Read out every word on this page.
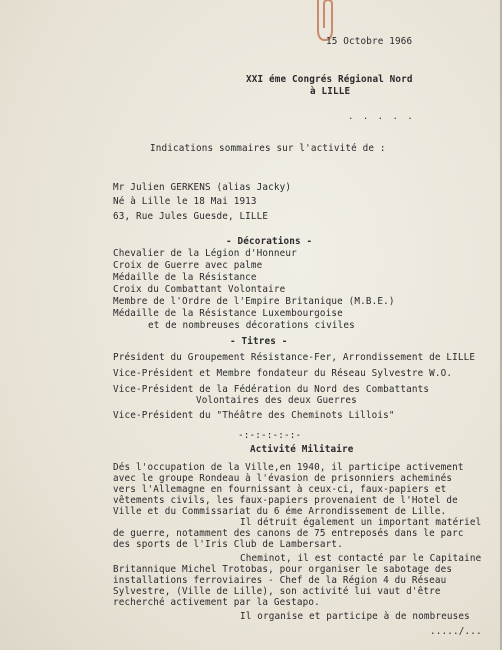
15 Octobre 1966
XXI éme Congrés Régional Nord
à LILLE
. . . . .
Indications sommaires sur l'activité de :
Mr Julien GERKENS (alias Jacky)
Né à Lille le 18 Mai 1913
63, Rue Jules Guesde, LILLE
- Décorations -
Chevalier de la Légion d'Honneur
Croix de Guerre avec palme
Médaille de la Résistance
Croix du Combattant Volontaire
Membre de l'Ordre de l'Empire Britanique (M.B.E.)
Médaille de la Résistance Luxembourgoise
et de nombreuses décorations civiles
- Titres -
Président du Groupement Résistance-Fer, Arrondissement de LILLE
Vice-Président et Membre fondateur du Réseau Sylvestre W.O.
Vice-Président de la Fédération du Nord des Combattants
Volontaires des deux Guerres
Vice-Président du "Théâtre des Cheminots Lillois"
-:-:-:-:-:-
Activité Militaire
Dés l'occupation de la Ville,en 1940, il participe activement
avec le groupe Rondeau à l'évasion de prisonniers acheminés
vers l'Allemagne en fournissant à ceux-ci, faux-papiers et
vêtements civils, les faux-papiers provenaient de l'Hotel de
Ville et du Commissariat du 6 éme Arrondissement de Lille.
Il détruit également un important matériel
de guerre, notamment des canons de 75 entreposés dans le parc
des sports de l'Iris Club de Lambersart.
Cheminot, il est contacté par le Capitaine
Britannique Michel Trotobas, pour organiser le sabotage des
installations ferroviaires - Chef de la Région 4 du Réseau
Sylvestre, (Ville de Lille), son activité lui vaut d'être
recherché activement par la Gestapo.
Il organise et participe à de nombreuses
...../...
